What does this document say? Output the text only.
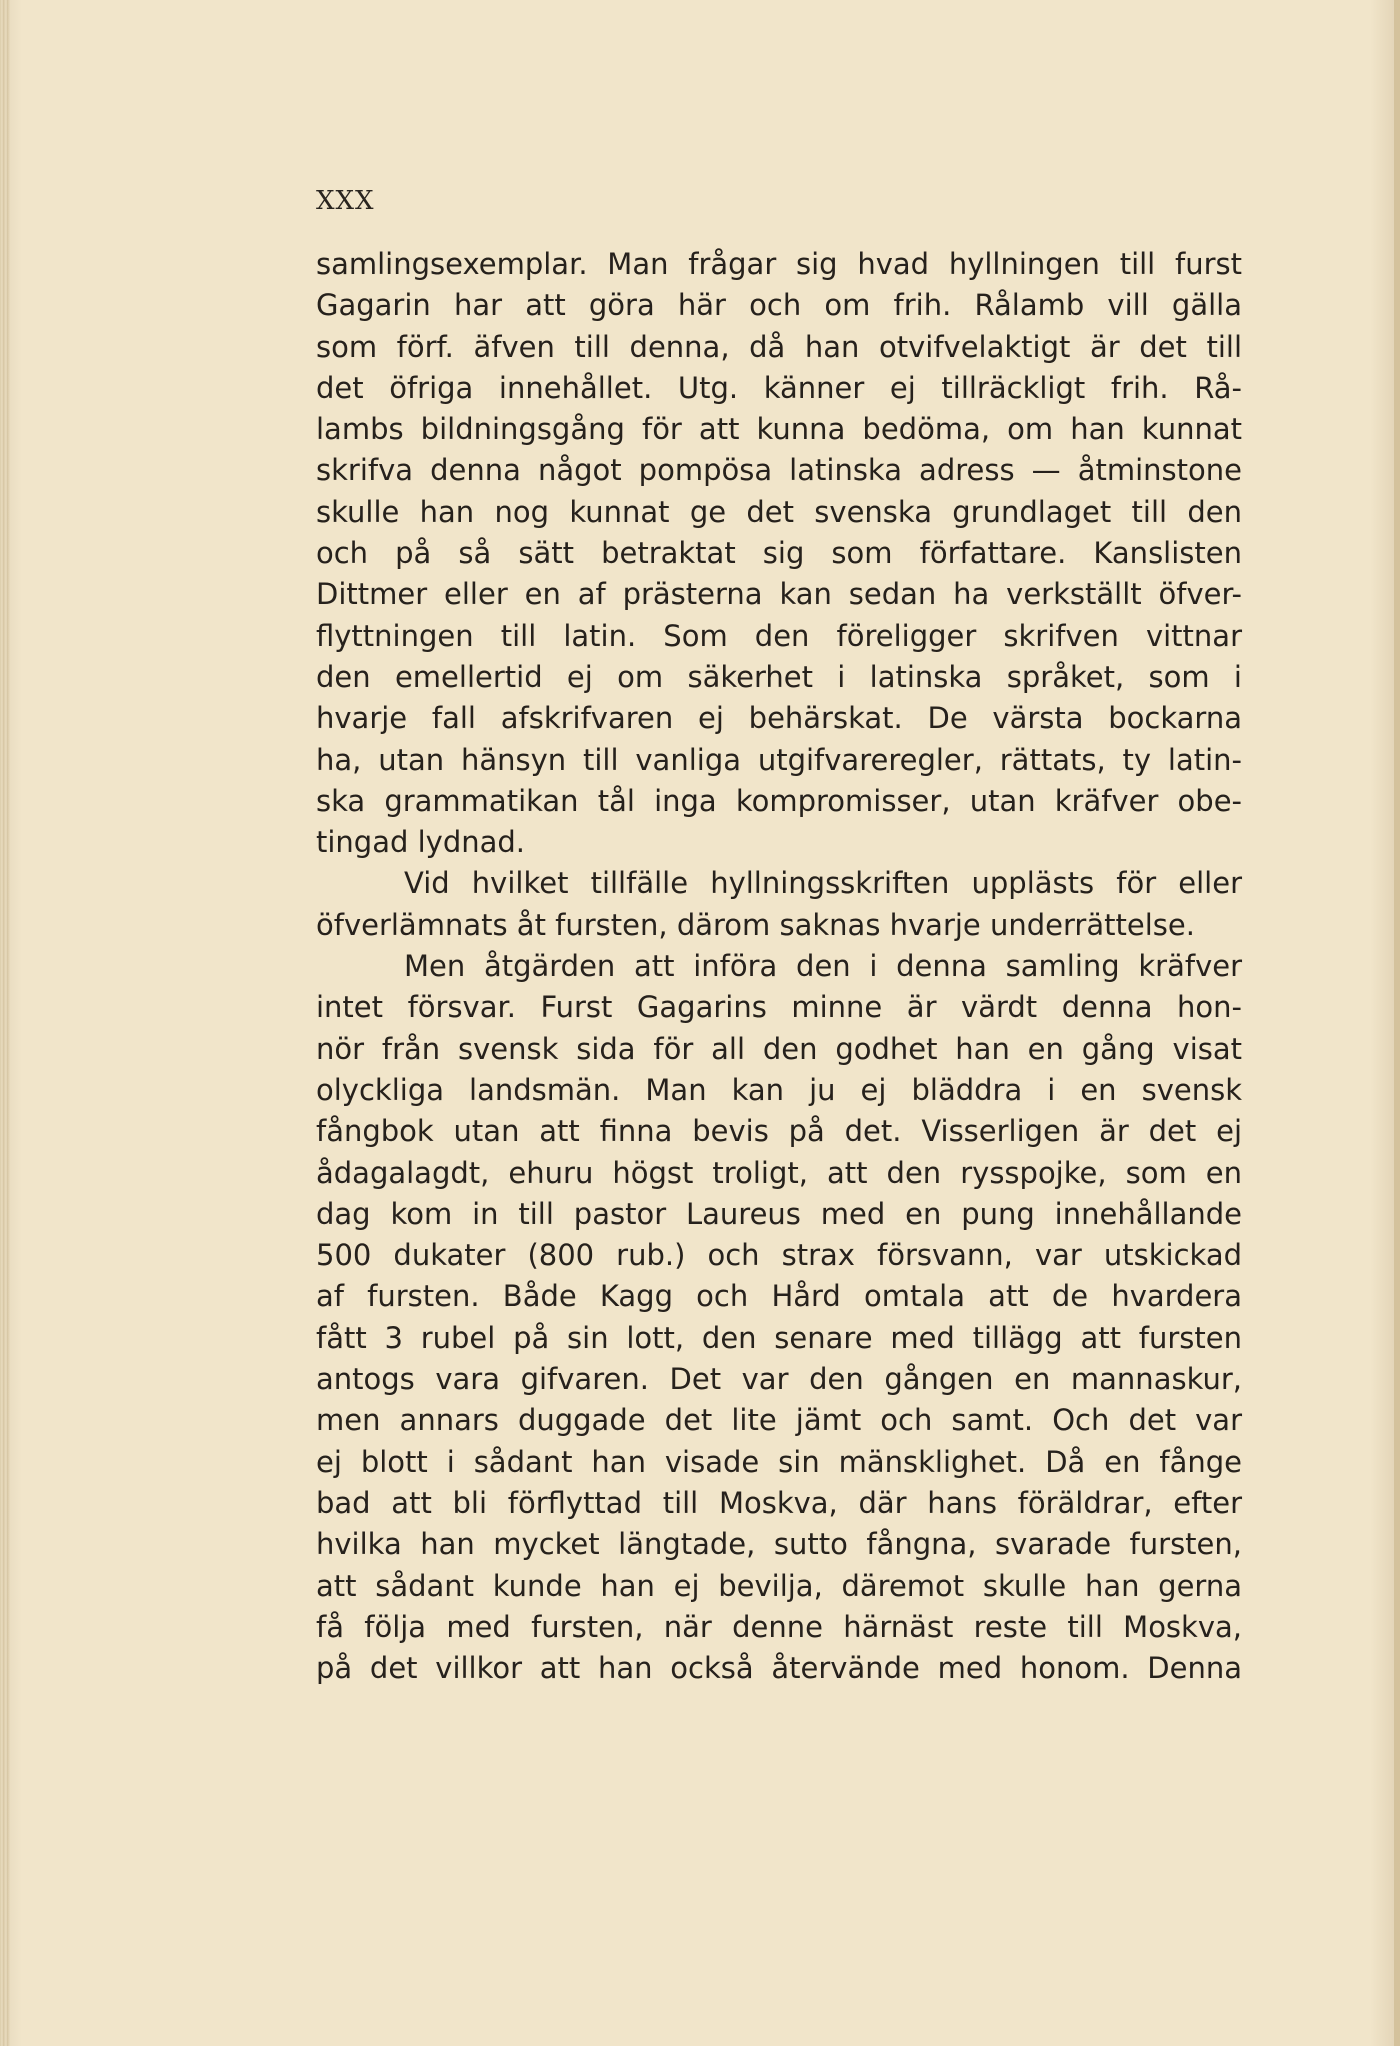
XXX
samlingsexemplar. Man frågar sig hvad hyllningen till furst
Gagarin har att göra här och om frih. Rålamb vill gälla
som förf. äfven till denna, då han otvifvelaktigt är det till
det öfriga innehållet. Utg. känner ej tillräckligt frih. Rå-
lambs bildningsgång för att kunna bedöma, om han kunnat
skrifva denna något pompösa latinska adress — åtminstone
skulle han nog kunnat ge det svenska grundlaget till den
och på så sätt betraktat sig som författare. Kanslisten
Dittmer eller en af prästerna kan sedan ha verkställt öfver-
flyttningen till latin. Som den föreligger skrifven vittnar
den emellertid ej om säkerhet i latinska språket, som i
hvarje fall afskrifvaren ej behärskat. De värsta bockarna
ha, utan hänsyn till vanliga utgifvareregler, rättats, ty latin-
ska grammatikan tål inga kompromisser, utan kräfver obe-
tingad lydnad.
Vid hvilket tillfälle hyllningsskriften upplästs för eller
öfverlämnats åt fursten, därom saknas hvarje underrättelse.
Men åtgärden att införa den i denna samling kräfver
intet försvar. Furst Gagarins minne är värdt denna hon-
nör från svensk sida för all den godhet han en gång visat
olyckliga landsmän. Man kan ju ej bläddra i en svensk
fångbok utan att finna bevis på det. Visserligen är det ej
ådagalagdt, ehuru högst troligt, att den rysspojke, som en
dag kom in till pastor Laureus med en pung innehållande
500 dukater (800 rub.) och strax försvann, var utskickad
af fursten. Både Kagg och Hård omtala att de hvardera
fått 3 rubel på sin lott, den senare med tillägg att fursten
antogs vara gifvaren. Det var den gången en mannaskur,
men annars duggade det lite jämt och samt. Och det var
ej blott i sådant han visade sin mänsklighet. Då en fånge
bad att bli förflyttad till Moskva, där hans föräldrar, efter
hvilka han mycket längtade, sutto fångna, svarade fursten,
att sådant kunde han ej bevilja, däremot skulle han gerna
få följa med fursten, när denne härnäst reste till Moskva,
på det villkor att han också återvände med honom. Denna
